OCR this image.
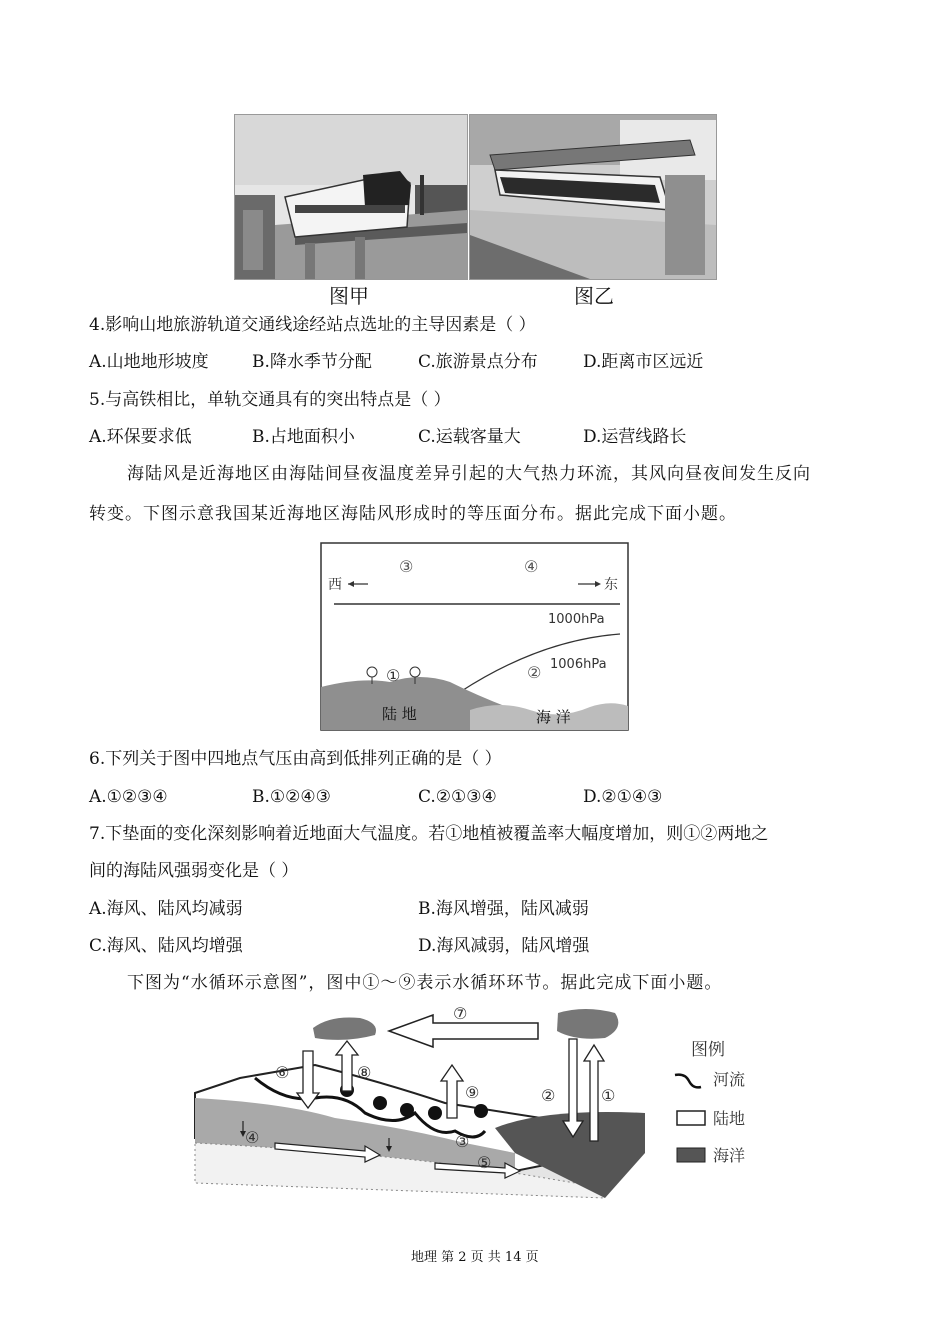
图甲	图乙
4.影响山地旅游轨道交通线途经站点选址的主导因素是（ ）
A.山地地形坡度	B.降水季节分配	C.旅游景点分布	D.距离市区远近
5.与高铁相比，单轨交通具有的突出特点是（ ）
A.环保要求低	B.占地面积小	C.运载客量大	D.运营线路长
海陆风是近海地区由海陆间昼夜温度差异引起的大气热力环流，其风向昼夜间发生反向
转变。下图示意我国某近海地区海陆风形成时的等压面分布。据此完成下面小题。
③	④
西	东
1000hPa
1006hPa
②
①
陆 地	海 洋
6.下列关于图中四地点气压由高到低排列正确的是（ ）
A.①②③④	B.①②④③	C.②①③④	D.②①④③
7.下垫面的变化深刻影响着近地面大气温度。若①地植被覆盖率大幅度增加，则①②两地之
间的海陆风强弱变化是（ ）
A.海风、陆风均减弱	B.海风增强，陆风减弱
C.海风、陆风均增强	D.海风减弱，陆风增强
下图为“水循环示意图”，图中①～⑨表示水循环环节。据此完成下面小题。
⑦
⑥	⑧
⑨	②	①
③
④
⑤
图例
河流
陆地
海洋
地理 第 2 页 共 14 页
